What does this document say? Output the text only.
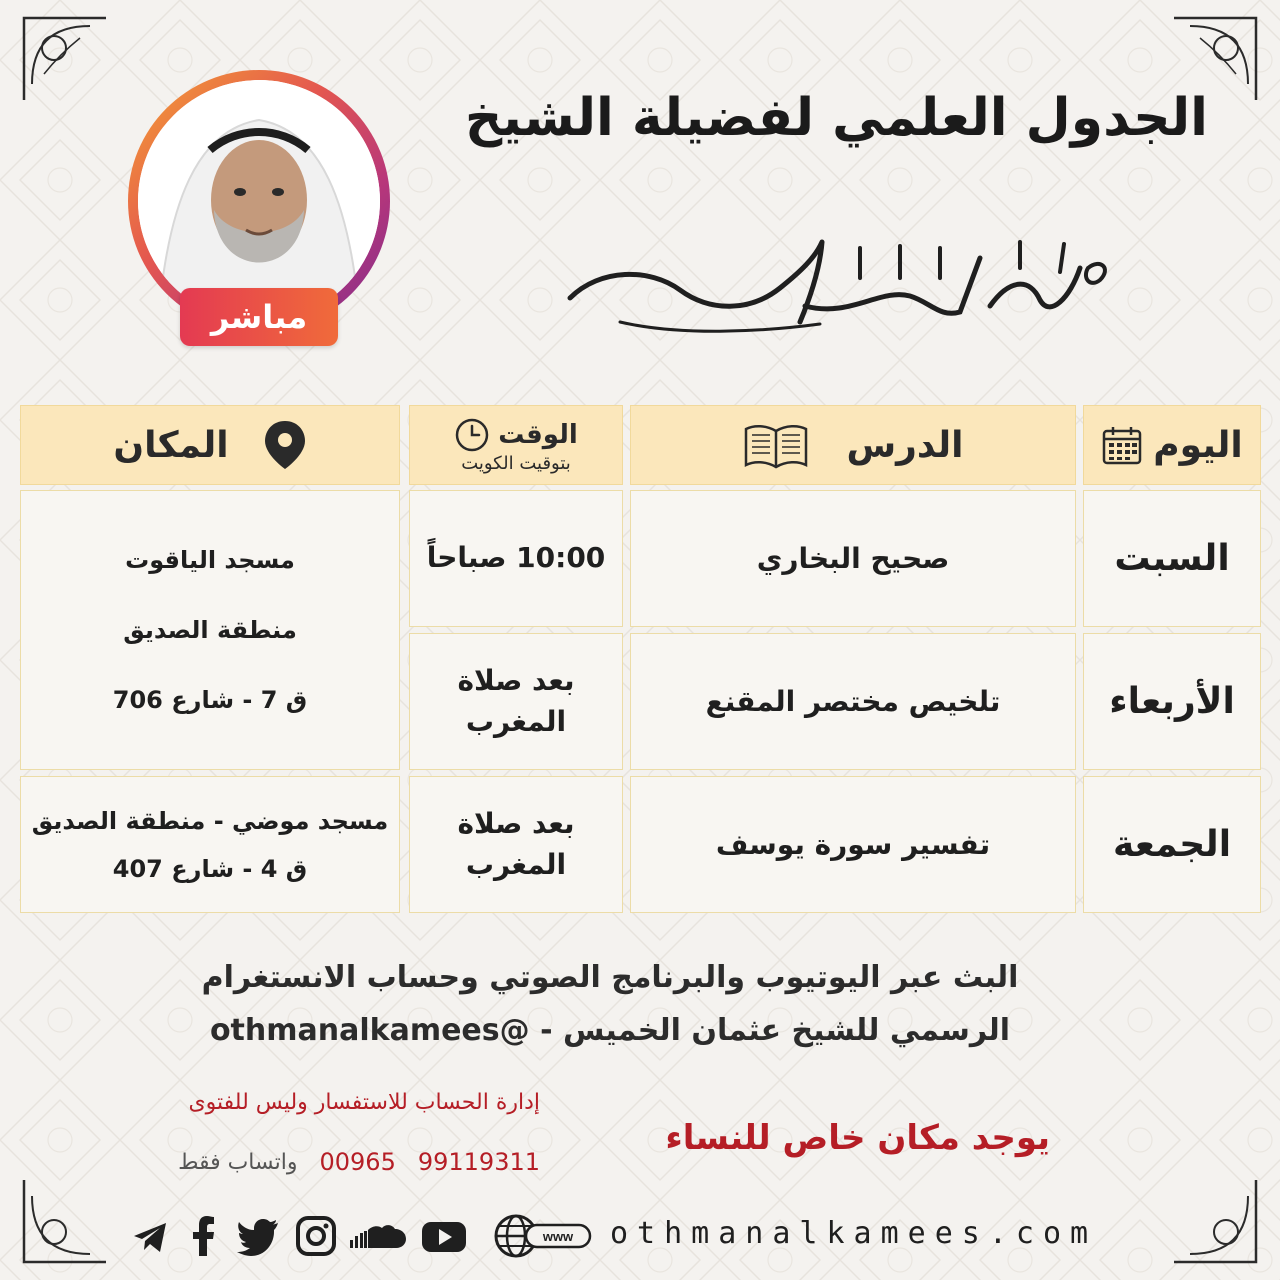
الجدول العلمي لفضيلة الشيخ
مباشر
اليوم
الدرس
الوقت
بتوقيت الكويت
المكان
السبت
صحيح البخاري
10:00 صباحاً
الأربعاء
تلخيص مختصر المقنع
بعد صلاة
المغرب
مسجد الياقوت
منطقة الصديق
ق 7 - شارع 706
الجمعة
تفسير سورة يوسف
بعد صلاة
المغرب
مسجد موضي - منطقة الصديق
ق 4 - شارع 407
البث عبر اليوتيوب والبرنامج الصوتي وحساب الانستغرام
الرسمي للشيخ عثمان الخميس - @othmanalkamees
إدارة الحساب للاستفسار وليس للفتوى
واتساب فقط 00965 99119311
يوجد مكان خاص للنساء
www othmanalkamees.com
